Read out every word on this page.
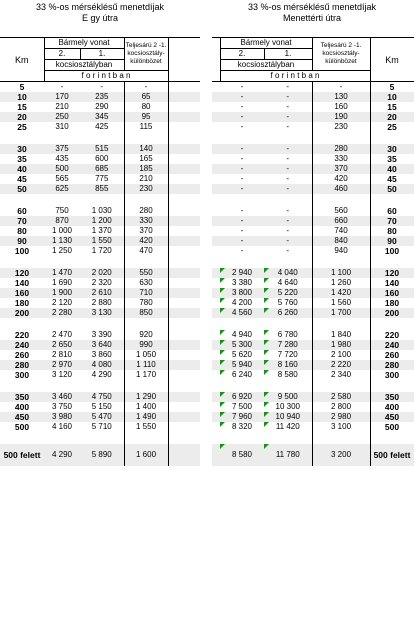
33 %-os mérséklésű menetdíjak
E gy útra
33 %-os mérséklésű menetdíjak
Menettérti útra
Km	Bármely vonat		Teljesárú 2 -1.
kocsiosztály-
különbözet	
	2.	1.		
	kocsiosztályban			
	f o r i n t b a n			
5	-	-	-	
10	170	235	65	
15	210	290	80	
20	250	345	95	
25	310	425	115	

30	375	515	140	
35	435	600	165	
40	500	685	185	
45	565	775	210	
50	625	855	230	

60	750	1 030	280	
70	870	1 200	330	
80	1 000	1 370	370	
90	1 130	1 550	420	
100	1 250	1 720	470	

120	1 470	2 020	550	
140	1 690	2 320	630	
160	1 900	2 610	710	
180	2 120	2 880	780	
200	2 280	3 130	850	

220	2 470	3 390	920	
240	2 650	3 640	990	
260	2 810	3 860	1 050	
280	2 970	4 080	1 110	
300	3 120	4 290	1 170	

350	3 460	4 750	1 290	
400	3 750	5 150	1 400	
450	3 980	5 470	1 490	
500	4 160	5 710	1 550	

500 felett	4 290	5 890	1 600	
	Bármely vonat		Teljesárú 2 -1.
kocsiosztály-
különbözet	Km
	2.	1.		
	kocsiosztályban			
	f o r i n t b a n			
	-	-	-	5
	-	-	130	10
	-	-	160	15
	-	-	190	20
	-	-	230	25

	-	-	280	30
	-	-	330	35
	-	-	370	40
	-	-	420	45
	-	-	460	50

	-	-	560	60
	-	-	660	70
	-	-	740	80
	-	-	840	90
	-	-	940	100

	2 940	4 040	1 100	120
	3 380	4 640	1 260	140
	3 800	5 220	1 420	160
	4 200	5 760	1 560	180
	4 560	6 260	1 700	200

	4 940	6 780	1 840	220
	5 300	7 280	1 980	240
	5 620	7 720	2 100	260
	5 940	8 160	2 220	280
	6 240	8 580	2 340	300

	6 920	9 500	2 580	350
	7 500	10 300	2 800	400
	7 960	10 940	2 980	450
	8 320	11 420	3 100	500

	8 580	11 780	3 200	500 felett
